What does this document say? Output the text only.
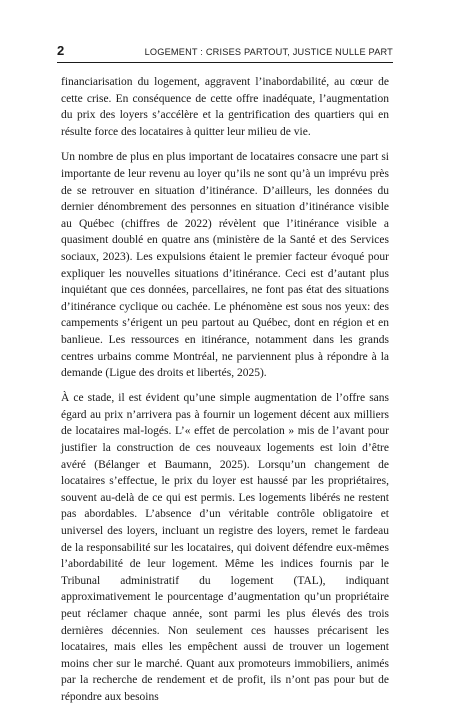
2	LOGEMENT : CRISES PARTOUT, JUSTICE NULLE PART

financiarisation du logement, aggravent l’inabordabilité, au cœur de cette crise. En conséquence de cette offre inadéquate, l’augmentation du prix des loyers s’accélère et la gentrification des quartiers qui en résulte force des locataires à quitter leur milieu de vie.

Un nombre de plus en plus important de locataires consacre une part si importante de leur revenu au loyer qu’ils ne sont qu’à un imprévu près de se retrouver en situation d’itinérance. D’ailleurs, les données du dernier dénombrement des personnes en situation d’itinérance visible au Québec (chiffres de 2022) révèlent que l’itinérance visible a quasiment doublé en quatre ans (ministère de la Santé et des Services sociaux, 2023). Les expulsions étaient le premier facteur évoqué pour expliquer les nouvelles situations d’itinérance. Ceci est d’autant plus inquiétant que ces données, parcellaires, ne font pas état des situations d’itinérance cyclique ou cachée. Le phénomène est sous nos yeux: des campements s’érigent un peu partout au Québec, dont en région et en banlieue. Les ressources en itinérance, notamment dans les grands centres urbains comme Montréal, ne parviennent plus à répondre à la demande (Ligue des droits et libertés, 2025).

À ce stade, il est évident qu’une simple augmentation de l’offre sans égard au prix n’arrivera pas à fournir un logement décent aux milliers de locataires mal-logés. L’« effet de percolation » mis de l’avant pour justifier la construction de ces nouveaux logements est loin d’être avéré (Bélanger et Baumann, 2025). Lorsqu’un changement de locataires s’effectue, le prix du loyer est haussé par les propriétaires, souvent au-delà de ce qui est permis. Les logements libérés ne restent pas abordables. L’absence d’un véritable contrôle obligatoire et universel des loyers, incluant un registre des loyers, remet le fardeau de la responsabilité sur les locataires, qui doivent défendre eux-mêmes l’abordabilité de leur logement. Même les indices fournis par le Tribunal administratif du logement (TAL), indiquant approximativement le pourcentage d’augmentation qu’un propriétaire peut réclamer chaque année, sont parmi les plus élevés des trois dernières décennies. Non seulement ces hausses précarisent les locataires, mais elles les empêchent aussi de trouver un logement moins cher sur le marché. Quant aux promoteurs immobiliers, animés par la recherche de rendement et de profit, ils n’ont pas pour but de répondre aux besoins
